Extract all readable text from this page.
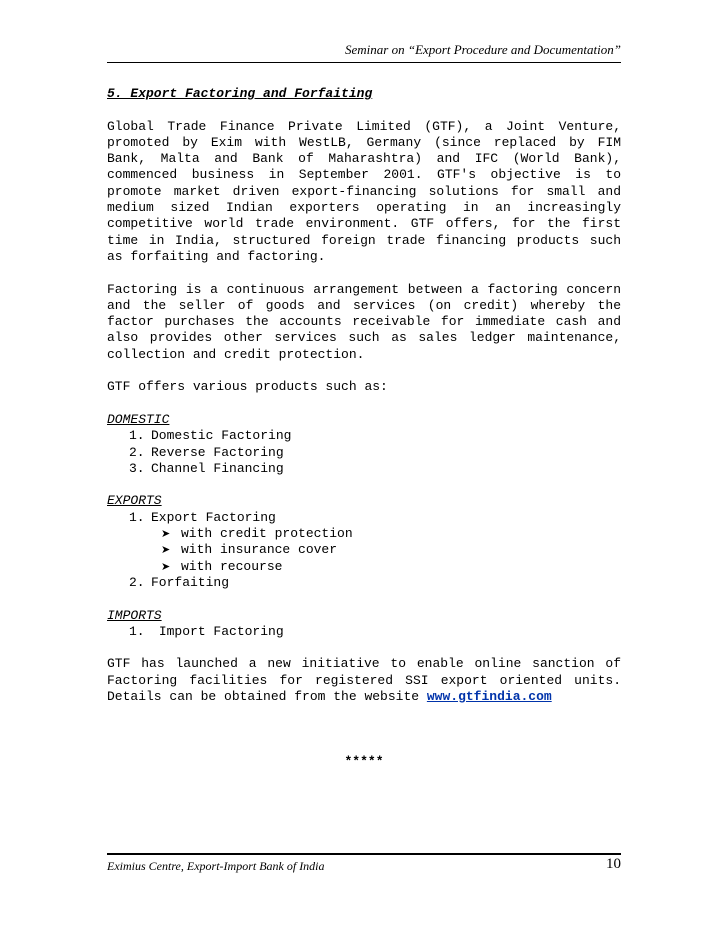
Seminar on “Export Procedure and Documentation”

5. Export Factoring and Forfaiting

Global Trade Finance Private Limited (GTF), a Joint Venture, promoted by Exim with WestLB, Germany (since replaced by FIM Bank, Malta and Bank of Maharashtra) and IFC (World Bank), commenced business in September 2001. GTF's objective is to promote market driven export-financing solutions for small and medium sized Indian exporters operating in an increasingly competitive world trade environment. GTF offers, for the first time in India, structured foreign trade financing products such as forfaiting and factoring.

Factoring is a continuous arrangement between a factoring concern and the seller of goods and services (on credit) whereby the factor purchases the accounts receivable for immediate cash and also provides other services such as sales ledger maintenance, collection and credit protection.

GTF offers various products such as:

DOMESTIC

1. Domestic Factoring
2. Reverse Factoring
3. Channel Financing

EXPORTS

1. Export Factoring
➤ with credit protection
➤ with insurance cover
➤ with recourse
2. Forfaiting

IMPORTS

1. Import Factoring

GTF has launched a new initiative to enable online sanction of Factoring facilities for registered SSI export oriented units. Details can be obtained from the website www.gtfindia.com

*****

Eximius Centre, Export-Import Bank of India	10
